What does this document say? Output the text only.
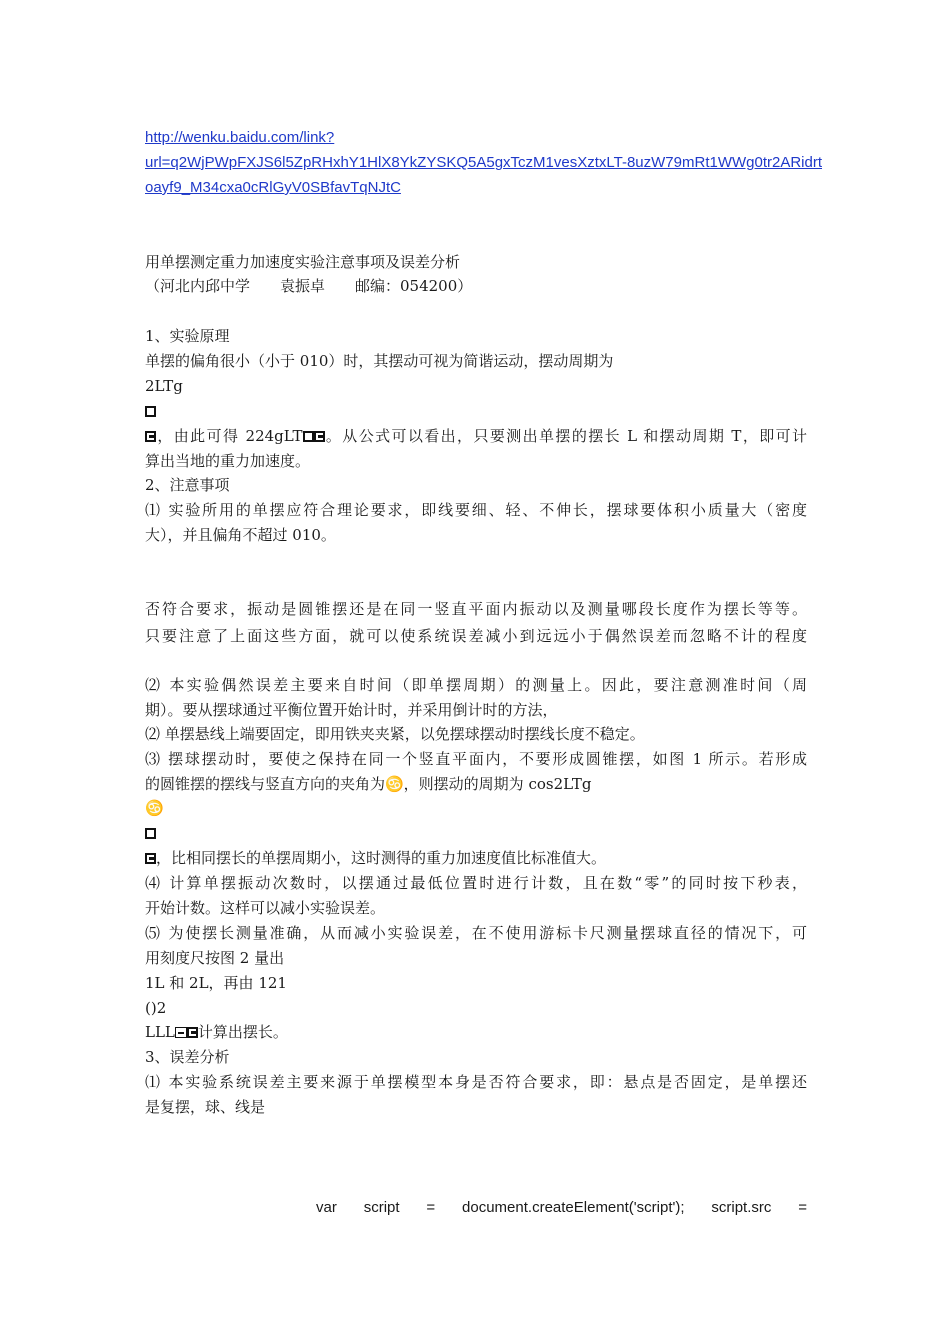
http://wenku.baidu.com/link?
url=q2WjPWpFXJS6l5ZpRHxhY1HlX8YkZYSKQ5A5gxTczM1vesXztxLT-8uzW79mRt1WWg0tr2ARidrt
oayf9_M34cxa0cRlGyV0SBfavTqNJtC
用单摆测定重力加速度实验注意事项及误差分析
（河北内邱中学　　袁振卓　　邮编：054200）
1、实验原理
单摆的偏角很小（小于 010）时，其摆动可视为简谐运动，摆动周期为
2LTg
，由此可得 224gLT 。从公式可以看出，只要测出单摆的摆长 L 和摆动周期 T，即可计
算出当地的重力加速度。
2、注意事项
⑴ 实验所用的单摆应符合理论要求，即线要细、轻、不伸长，摆球要体积小质量大（密度
大），并且偏角不超过 010。
否符合要求，振动是圆锥摆还是在同一竖直平面内振动以及测量哪段长度作为摆长等等。
只要注意了上面这些方面，就可以使系统误差减小到远远小于偶然误差而忽略不计的程度
⑵ 本实验偶然误差主要来自时间（即单摆周期）的测量上。因此，要注意测准时间（周
期）。要从摆球通过平衡位置开始计时，并采用倒计时的方法，
⑵ 单摆悬线上端要固定，即用铁夹夹紧，以免摆球摆动时摆线长度不稳定。
⑶ 摆球摆动时，要使之保持在同一个竖直平面内，不要形成圆锥摆，如图 1 所示。若形成
的圆锥摆的摆线与竖直方向的夹角为♋，则摆动的周期为 cos2LTg
♋
，比相同摆长的单摆周期小，这时测得的重力加速度值比标准值大。
⑷ 计算单摆振动次数时，以摆通过最低位置时进行计数，且在数“零”的同时按下秒表，
开始计数。这样可以减小实验误差。
⑸ 为使摆长测量准确，从而减小实验误差，在不使用游标卡尺测量摆球直径的情况下，可
用刻度尺按图 2 量出
1L 和 2L，再由 121
()2
LLL 计算出摆长。
3、误差分析
⑴ 本实验系统误差主要来源于单摆模型本身是否符合要求，即：悬点是否固定，是单摆还
是复摆，球、线是
var script = document.createElement('script'); script.src =
